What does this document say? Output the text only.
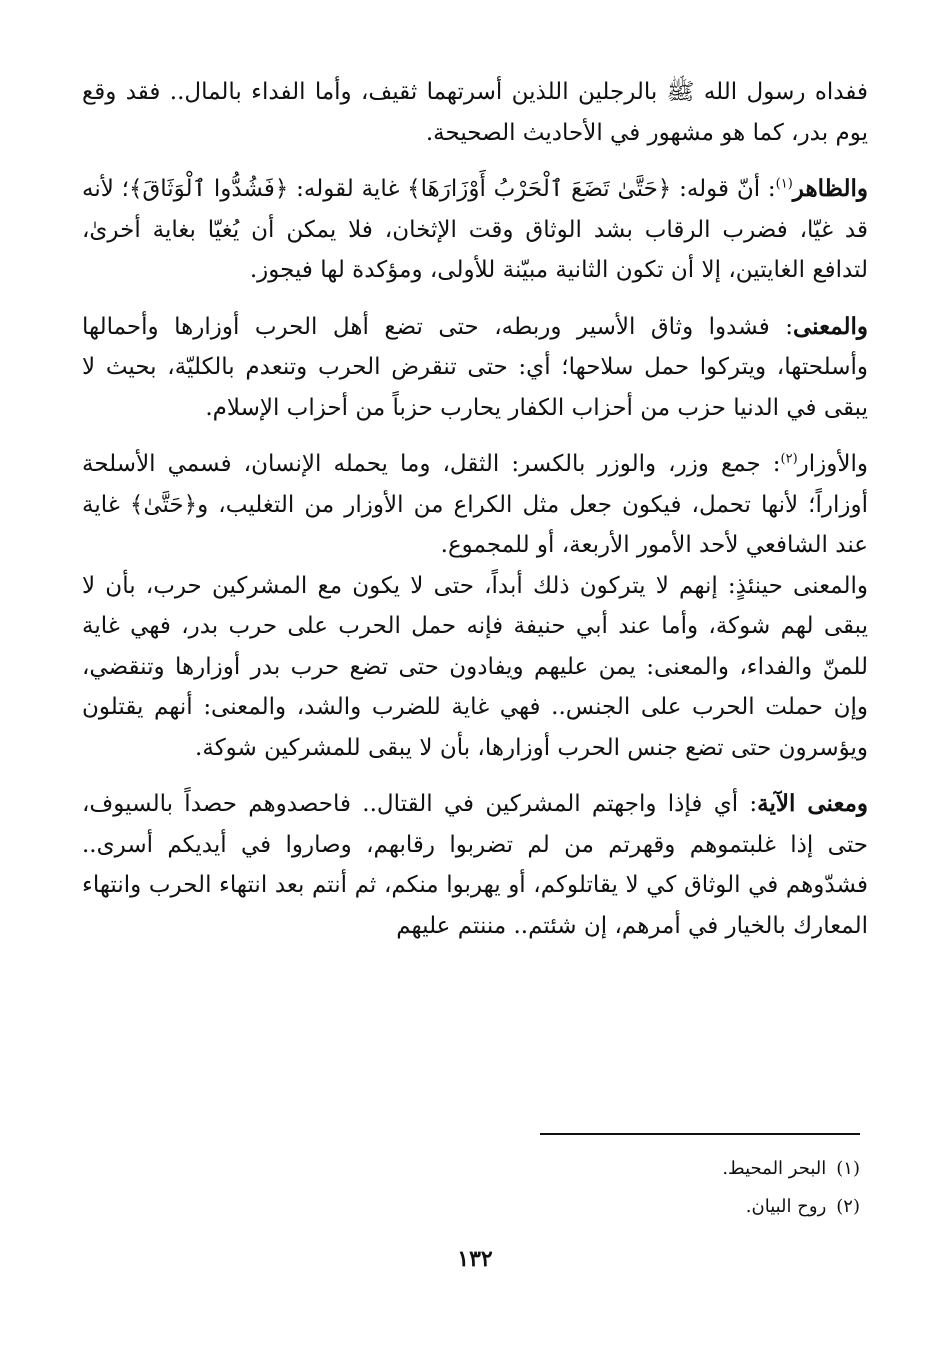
ففداه رسول الله ﷺ بالرجلين اللذين أسرتهما ثقيف، وأما الفداء بالمال.. فقد وقع يوم بدر، كما هو مشهور في الأحاديث الصحيحة.

والظاهر$^{(١)}$: أنّ قوله: ﴿حَتَّىٰ تَضَعَ ٱلْحَرْبُ أَوْزَارَهَا﴾ غاية لقوله: ﴿فَشُدُّوا ٱلْوَثَاقَ﴾؛ لأنه قد غيّا، فضرب الرقاب بشد الوثاق وقت الإثخان، فلا يمكن أن يُغيّا بغاية أخرىٰ، لتدافع الغايتين، إلا أن تكون الثانية مبيّنة للأولى، ومؤكدة لها فيجوز.

والمعنى: فشدوا وثاق الأسير وربطه، حتى تضع أهل الحرب أوزارها وأحمالها وأسلحتها، ويتركوا حمل سلاحها؛ أي: حتى تنقرض الحرب وتنعدم بالكليّة، بحيث لا يبقى في الدنيا حزب من أحزاب الكفار يحارب حزباً من أحزاب الإسلام.

والأوزار$^{(٢)}$: جمع وزر، والوزر بالكسر: الثقل، وما يحمله الإنسان، فسمي الأسلحة أوزاراً؛ لأنها تحمل، فيكون جعل مثل الكراع من الأوزار من التغليب، و﴿حَتَّىٰ﴾ غاية عند الشافعي لأحد الأمور الأربعة، أو للمجموع.

والمعنى حينئذٍ: إنهم لا يتركون ذلك أبداً، حتى لا يكون مع المشركين حرب، بأن لا يبقى لهم شوكة، وأما عند أبي حنيفة فإنه حمل الحرب على حرب بدر، فهي غاية للمنّ والفداء، والمعنى: يمن عليهم ويفادون حتى تضع حرب بدر أوزارها وتنقضي، وإن حملت الحرب على الجنس.. فهي غاية للضرب والشد، والمعنى: أنهم يقتلون ويؤسرون حتى تضع جنس الحرب أوزارها، بأن لا يبقى للمشركين شوكة.

ومعنى الآية: أي فإذا واجهتم المشركين في القتال.. فاحصدوهم حصداً بالسيوف، حتى إذا غلبتموهم وقهرتم من لم تضربوا رقابهم، وصاروا في أيديكم أسرى.. فشدّوهم في الوثاق كي لا يقاتلوكم، أو يهربوا منكم، ثم أنتم بعد انتهاء الحرب وانتهاء المعارك بالخيار في أمرهم، إن شئتم.. مننتم عليهم

(١)البحر المحيط.
(٢)روح البيان.
١٣٢
